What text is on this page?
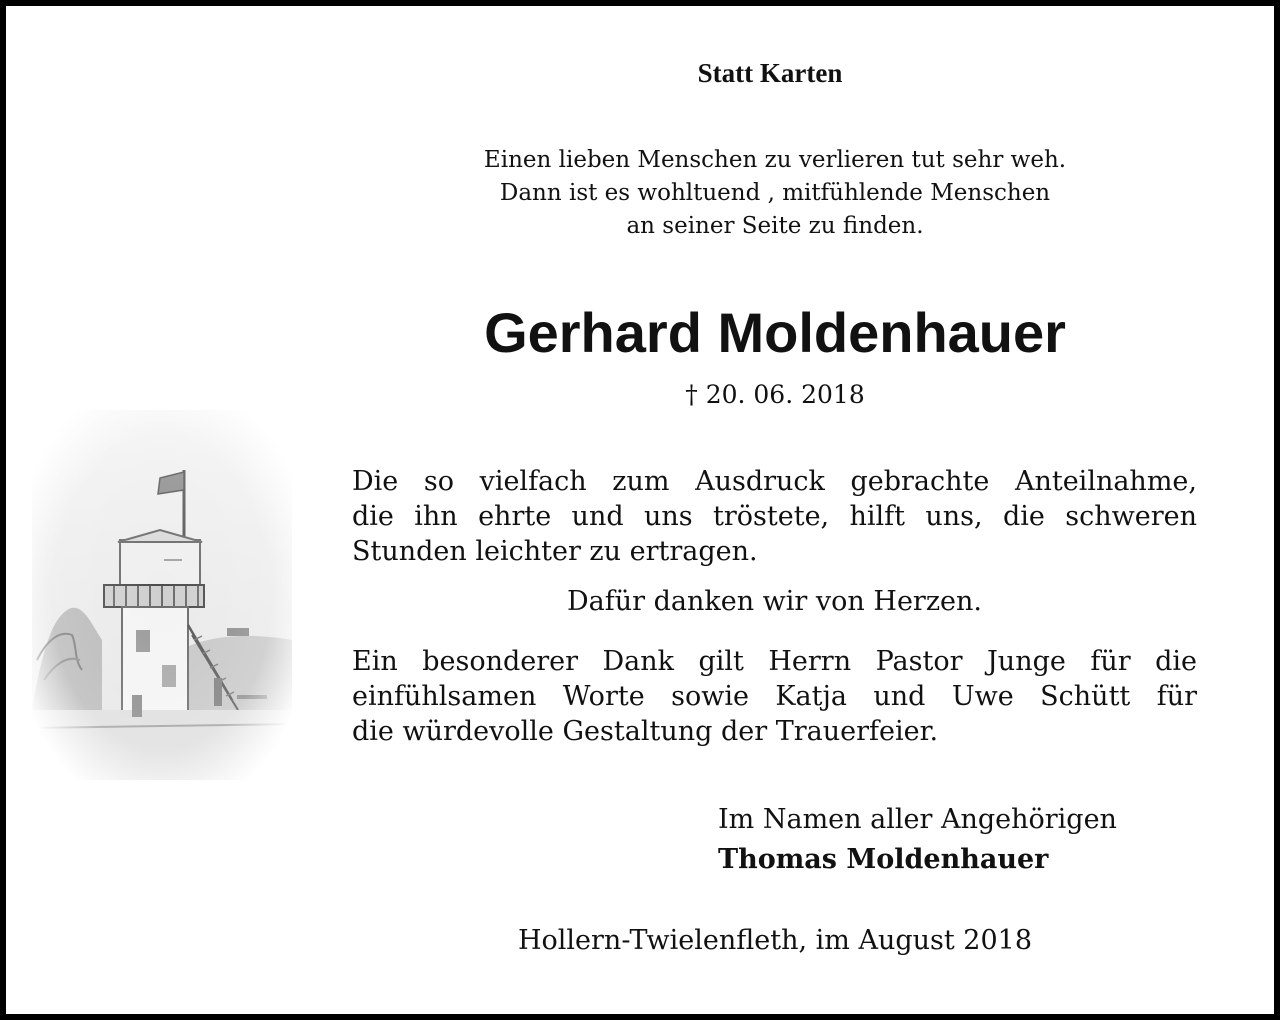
Statt Karten
Einen lieben Menschen zu verlieren tut sehr weh.
Dann ist es wohltuend , mitfühlende Menschen
an seiner Seite zu finden.
Gerhard Moldenhauer
† 20. 06. 2018
Die so vielfach zum Ausdruck gebrachte Anteilnahme,
die ihn ehrte und uns tröstete, hilft uns, die schweren
Stunden leichter zu ertragen.
Dafür danken wir von Herzen.
Ein besonderer Dank gilt Herrn Pastor Junge für die
einfühlsamen Worte sowie Katja und Uwe Schütt für
die würdevolle Gestaltung der Trauerfeier.
Im Namen aller Angehörigen
Thomas Moldenhauer
Hollern-Twielenfleth, im August 2018
